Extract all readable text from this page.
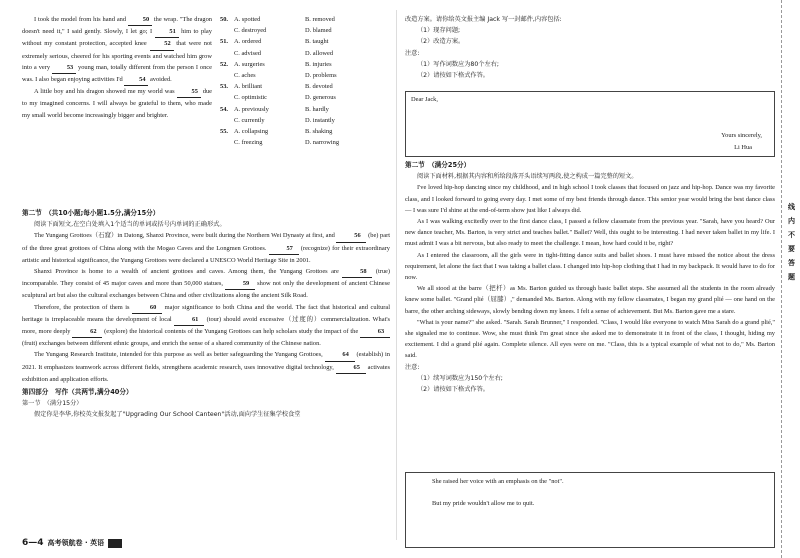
I took the model from his hand and	50 the wrap. "The dragon doesn't need it," I said gently. Slowly, I let go; I	51 him to play without my constant protection, accepted knee	52 that were not extremely serious, cheered for his sporting events and watched him grow into a very	53 young man, totally different from the person I once was. I also began enjoying activities I'd	54 avoided.

A little boy and his dragon showed me my world was	55 due to my imagined concerns. I will always be grateful to them, who made my small world become increasingly bigger and brighter.

50. A. spotted	B. removed
C. destroyed	D. blamed
51. A. ordered	B. taught
C. advised	D. allowed
52. A. surgeries	B. injuries
C. aches	D. problems
53. A. brilliant	B. devoted
C. optimistic	D. generous
54. A. previously	B. hardly
C. currently	D. instantly
55. A. collapsing	B. shaking
C. freezing	D. narrowing

第二节　（共10小题;每小题1.5分,满分15分）

阅读下面短文,在空白处填入1个适当的单词或括号内单词的正确形式。

The Yungang Grottoes（石窟）in Datong, Shanxi Province, were built during the Northern Wei Dynasty at first, and	56 (be) part of the three great grottoes of China along with the Mogao Caves and the Longmen Grottoes.	57 (recognize) for their extraordinary artistic and historical significance, the Yungang Grottoes were declared a UNESCO World Heritage Site in 2001.

Shanxi Province is home to a wealth of ancient grottoes and caves. Among them, the Yungang Grottoes are	58 (true) incomparable. They consist of 45 major caves and more than 50,000 statues,	59 show not only the development of ancient Chinese sculptural art but also the cultural exchanges between China and other civilizations along the ancient Silk Road.

Therefore, the protection of them is	60 major significance to both China and the world. The fact that historical and cultural heritage is irreplaceable means the development of local	61 (tour) should avoid excessive（过度的）commercialization. What's more, more deeply	62 (explore) the historical contents of the Yungang Grottoes can help scholars study the impact of the	63 (fruit) exchanges between different ethnic groups, and enrich the sense of a shared community of the Chinese nation.

The Yungang Research Institute, intended for this purpose as well as better safeguarding the Yungang Grottoes,	64 (establish) in 2021. It emphasizes teamwork across different fields, strengthens academic research, uses innovative digital technology,	65 activates exhibition and application efforts.

第四部分　写作（共两节,满分40分）

第一节　（满分15分）

假定你是李华,你校英文报发起了"Upgrading Our School Canteen"活动,面向学生征集学校食堂

改造方案。请你给英文报主编 Jack 写一封邮件,内容包括:

（1）现存问题;

（2）改造方案。

注意:

（1）写作词数应为80个左右;

（2）请按如下格式作答。

Dear Jack,
Yours sincerely,
Li Hua

第二节　（满分25分）

阅读下面材料,根据其内容和所给段落开头语续写两段,使之构成一篇完整的短文。

I've loved hip-hop dancing since my childhood, and in high school I took classes that focused on jazz and hip-hop. Dance was my favorite class, and I looked forward to going every day. I met some of my best friends through dance. This senior year would bring the best dance class — I was sure I'd shine at the end-of-term show just like I always did.

As I was walking excitedly over to the first dance class, I passed a fellow classmate from the previous year. "Sarah, have you heard? Our new dance teacher, Ms. Barton, is very strict and teaches ballet." Ballet? Well, this ought to be interesting. I had never taken ballet in my life. I must admit I was a bit nervous, but also ready to meet the challenge. I mean, how hard could it be, right?

As I entered the classroom, all the girls were in tight-fitting dance suits and ballet shoes. I must have missed the notice about the dress requirement, let alone the fact that I was taking a ballet class. I changed into hip-hop clothing that I had in my backpack. It would have to do for now.

We all stood at the barre（把杆）as Ms. Barton guided us through basic ballet steps. She assumed all the students in the room already knew some ballet. "Grand plié（屈膝）," demanded Ms. Barton. Along with my fellow classmates, I began my grand plié — one hand on the barre, the other arching sideways, slowly bending down my knees. I felt a sense of achievement. But Ms. Barton gave me a stare.

"What is your name?" she asked. "Sarah. Sarah Brunner," I responded. "Class, I would like everyone to watch Miss Sarah do a grand plié," she signaled me to continue. Wow, she must think I'm great since she asked me to demonstrate it in front of the class, I thought, hiding my excitement. I did a grand plié again. Complete silence. All eyes were on me. "Class, this is a typical example of what not to do," Ms. Barton said.

注意:

（1）续写词数应为150个左右;

（2）请按如下格式作答。

She raised her voice with an emphasis on the "not".
But my pride wouldn't allow me to quit.
线
内
不
要
答
题
6—4 高考领航卷 · 英语
